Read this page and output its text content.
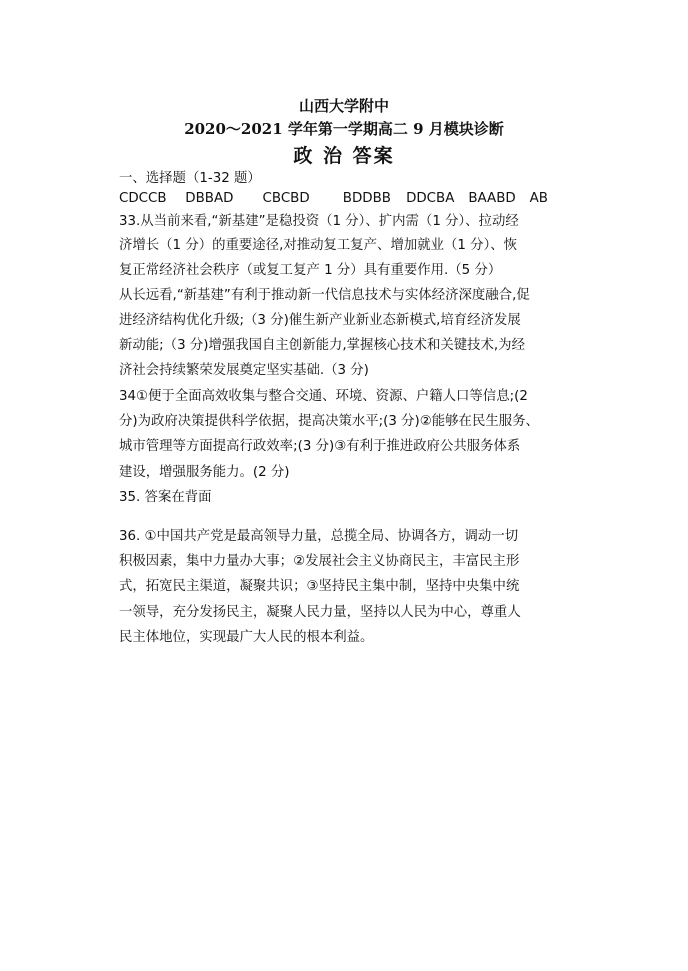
山西大学附中
2020～2021 学年第一学期高二 9 月模块诊断
政 治 答案
一、选择题（1-32 题）
CDCCB DBBAD CBCBD BDDBB DDCBA BAABD AB
33.从当前来看,“新基建”是稳投资（1 分）、扩内需（1 分）、拉动经
济增长（1 分）的重要途径,对推动复工复产、增加就业（1 分）、恢
复正常经济社会秩序（或复工复产 1 分）具有重要作用.（5 分）
从长远看,“新基建”有利于推动新一代信息技术与实体经济深度融合,促
进经济结构优化升级;（3 分)催生新产业新业态新模式,培育经济发展
新动能;（3 分)增强我国自主创新能力,掌握核心技术和关键技术,为经
济社会持续繁荣发展奠定坚实基础.（3 分)
34①便于全面高效收集与整合交通、环境、资源、户籍人口等信息;(2
分)为政府决策提供科学依据，提高决策水平;(3 分)②能够在民生服务、
城市管理等方面提高行政效率;(3 分)③有利于推进政府公共服务体系
建设，增强服务能力。(2 分)
35. 答案在背面
36. ①中国共产党是最高领导力量，总揽全局、协调各方，调动一切
积极因素，集中力量办大事；②发展社会主义协商民主，丰富民主形
式，拓宽民主渠道，凝聚共识；③坚持民主集中制，坚持中央集中统
一领导，充分发扬民主，凝聚人民力量，坚持以人民为中心，尊重人
民主体地位，实现最广大人民的根本利益。
